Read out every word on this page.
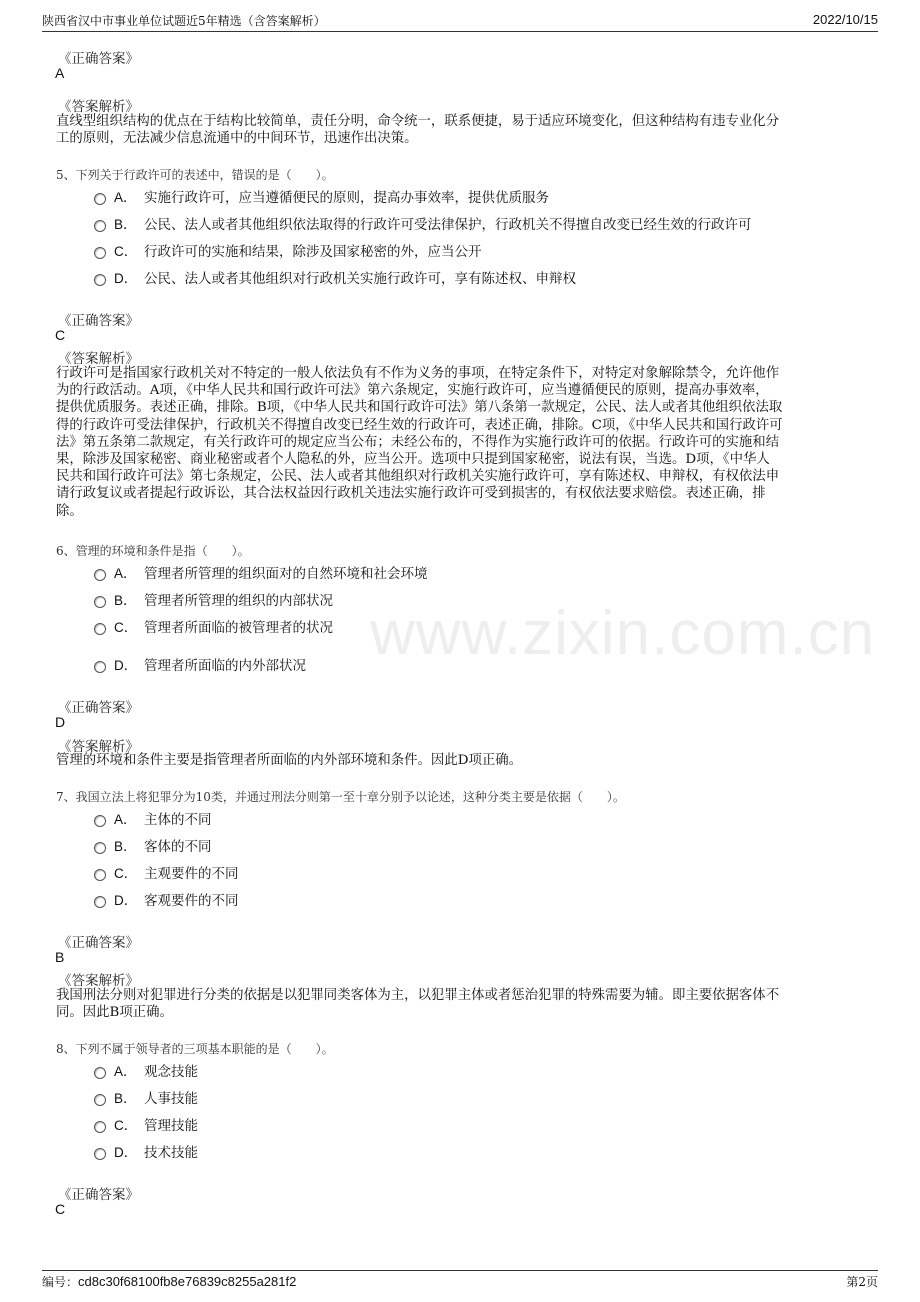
陕西省汉中市事业单位试题近5年精选（含答案解析）	2022/10/15
www.zixin.com.cn
《正确答案》
A
《答案解析》
直线型组织结构的优点在于结构比较简单，责任分明，命令统一，联系便捷，易于适应环境变化，但这种结构有违专业化分
工的原则，无法减少信息流通中的中间环节，迅速作出决策。
5、下列关于行政许可的表述中，错误的是（　　）。
A． 实施行政许可，应当遵循便民的原则，提高办事效率，提供优质服务
B． 公民、法人或者其他组织依法取得的行政许可受法律保护，行政机关不得擅自改变已经生效的行政许可
C． 行政许可的实施和结果，除涉及国家秘密的外，应当公开
D． 公民、法人或者其他组织对行政机关实施行政许可，享有陈述权、申辩权
《正确答案》
C
《答案解析》
行政许可是指国家行政机关对不特定的一般人依法负有不作为义务的事项，在特定条件下，对特定对象解除禁令，允许他作
为的行政活动。A项，《中华人民共和国行政许可法》第六条规定，实施行政许可，应当遵循便民的原则，提高办事效率，
提供优质服务。表述正确，排除。B项，《中华人民共和国行政许可法》第八条第一款规定，公民、法人或者其他组织依法取
得的行政许可受法律保护，行政机关不得擅自改变已经生效的行政许可，表述正确，排除。C项，《中华人民共和国行政许可
法》第五条第二款规定，有关行政许可的规定应当公布；未经公布的，不得作为实施行政许可的依据。行政许可的实施和结
果，除涉及国家秘密、商业秘密或者个人隐私的外，应当公开。选项中只提到国家秘密，说法有误，当选。D项，《中华人
民共和国行政许可法》第七条规定，公民、法人或者其他组织对行政机关实施行政许可，享有陈述权、申辩权，有权依法申
请行政复议或者提起行政诉讼，其合法权益因行政机关违法实施行政许可受到损害的，有权依法要求赔偿。表述正确，排
除。
6、管理的环境和条件是指（　　）。
A． 管理者所管理的组织面对的自然环境和社会环境
B． 管理者所管理的组织的内部状况
C． 管理者所面临的被管理者的状况
D． 管理者所面临的内外部状况
《正确答案》
D
《答案解析》
管理的环境和条件主要是指管理者所面临的内外部环境和条件。因此D项正确。
7、我国立法上将犯罪分为10类，并通过刑法分则第一至十章分别予以论述，这种分类主要是依据（　　）。
A． 主体的不同
B． 客体的不同
C． 主观要件的不同
D． 客观要件的不同
《正确答案》
B
《答案解析》
我国刑法分则对犯罪进行分类的依据是以犯罪同类客体为主，以犯罪主体或者惩治犯罪的特殊需要为辅。即主要依据客体不
同。因此B项正确。
8、下列不属于领导者的三项基本职能的是（　　）。
A． 观念技能
B． 人事技能
C． 管理技能
D． 技术技能
《正确答案》
C
编号：cd8c30f68100fb8e76839c8255a281f2	第2页
